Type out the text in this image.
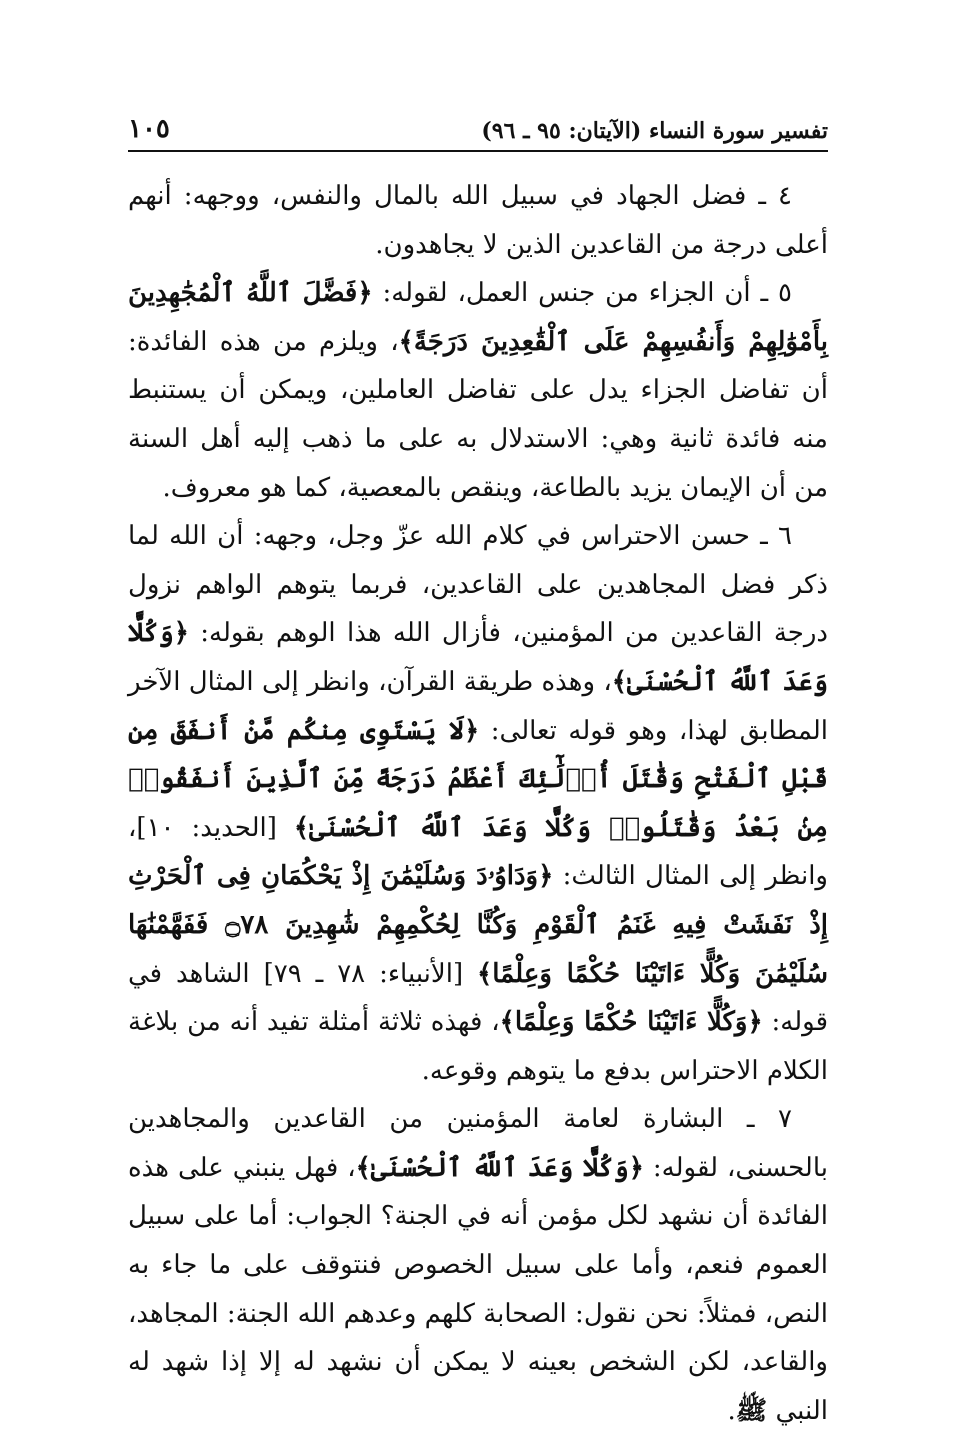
تفسير سورة النساء (الآيتان: ٩٥ ـ ٩٦)
١٠٥

٤ ـ فضل الجهاد في سبيل الله بالمال والنفس، ووجهه: أنهم أعلى درجة من القاعدين الذين لا يجاهدون.

٥ ـ أن الجزاء من جنس العمل، لقوله: ﴿فَضَّلَ ٱللَّهُ ٱلْمُجَٰهِدِينَ بِأَمْوَٰلِهِمْ وَأَنفُسِهِمْ عَلَى ٱلْقَٰعِدِينَ دَرَجَةً﴾، ويلزم من هذه الفائدة: أن تفاضل الجزاء يدل على تفاضل العاملين، ويمكن أن يستنبط منه فائدة ثانية وهي: الاستدلال به على ما ذهب إليه أهل السنة من أن الإيمان يزيد بالطاعة، وينقص بالمعصية، كما هو معروف.

٦ ـ حسن الاحتراس في كلام الله عزّ وجل، وجهه: أن الله لما ذكر فضل المجاهدين على القاعدين، فربما يتوهم الواهم نزول درجة القاعدين من المؤمنين، فأزال الله هذا الوهم بقوله: ﴿وَكُلًّا وَعَدَ ٱللَّهُ ٱلْحُسْنَىٰ﴾، وهذه طريقة القرآن، وانظر إلى المثال الآخر المطابق لهذا، وهو قوله تعالى: ﴿لَا يَسْتَوِى مِنكُم مَّنْ أَنفَقَ مِن قَبْلِ ٱلْفَتْحِ وَقَٰتَلَ أُو۟لَٰٓئِكَ أَعْظَمُ دَرَجَةً مِّنَ ٱلَّذِينَ أَنفَقُوا۟ مِنۢ بَعْدُ وَقَٰتَلُوا۟ وَكُلًّا وَعَدَ ٱللَّهُ ٱلْحُسْنَىٰ﴾ [الحديد: ١٠]، وانظر إلى المثال الثالث: ﴿وَدَاوُۥدَ وَسُلَيْمَٰنَ إِذْ يَحْكُمَانِ فِى ٱلْحَرْثِ إِذْ نَفَشَتْ فِيهِ غَنَمُ ٱلْقَوْمِ وَكُنَّا لِحُكْمِهِمْ شَٰهِدِينَ ۝٧٨ فَفَهَّمْنَٰهَا سُلَيْمَٰنَ وَكُلًّا ءَاتَيْنَا حُكْمًا وَعِلْمًا﴾ [الأنبياء: ٧٨ ـ ٧٩] الشاهد في قوله: ﴿وَكُلًّا ءَاتَيْنَا حُكْمًا وَعِلْمًا﴾، فهذه ثلاثة أمثلة تفيد أنه من بلاغة الكلام الاحتراس بدفع ما يتوهم وقوعه.

٧ ـ البشارة لعامة المؤمنين من القاعدين والمجاهدين بالحسنى، لقوله: ﴿وَكُلًّا وَعَدَ ٱللَّهُ ٱلْحُسْنَىٰ﴾، فهل ينبني على هذه الفائدة أن نشهد لكل مؤمن أنه في الجنة؟ الجواب: أما على سبيل العموم فنعم، وأما على سبيل الخصوص فنتوقف على ما جاء به النص، فمثلاً: نحن نقول: الصحابة كلهم وعدهم الله الجنة: المجاهد، والقاعد، لكن الشخص بعينه لا يمكن أن نشهد له إلا إذا شهد له النبي ﷺ.
